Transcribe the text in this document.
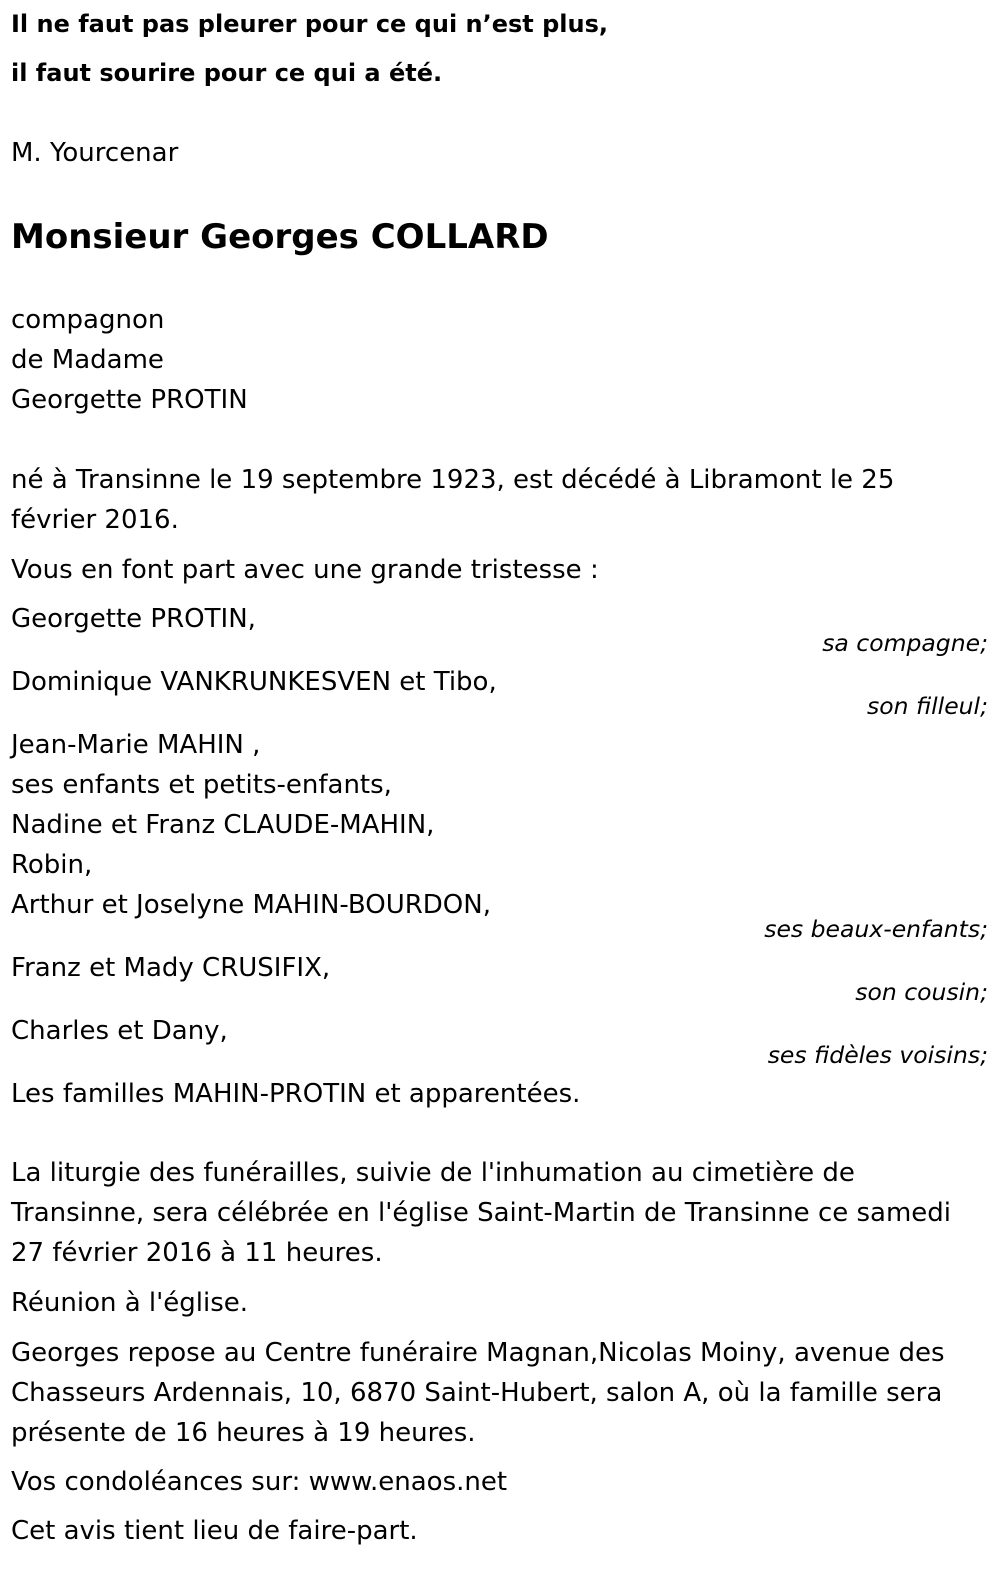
Il ne faut pas pleurer pour ce qui n’est plus,
il faut sourire pour ce qui a été.
M. Yourcenar
Monsieur Georges COLLARD
compagnon
de Madame
Georgette PROTIN
né à Transinne le 19 septembre 1923, est décédé à Libramont le 25
février 2016.
Vous en font part avec une grande tristesse :
Georgette PROTIN,
sa compagne;
Dominique VANKRUNKESVEN et Tibo,
son filleul;
Jean-Marie MAHIN ,
ses enfants et petits-enfants,
Nadine et Franz CLAUDE-MAHIN,
Robin,
Arthur et Joselyne MAHIN-BOURDON,
ses beaux-enfants;
Franz et Mady CRUSIFIX,
son cousin;
Charles et Dany,
ses fidèles voisins;
Les familles MAHIN-PROTIN et apparentées.
La liturgie des funérailles, suivie de l'inhumation au cimetière de
Transinne, sera célébrée en l'église Saint-Martin de Transinne ce samedi
27 février 2016 à 11 heures.
Réunion à l'église.
Georges repose au Centre funéraire Magnan,Nicolas Moiny, avenue des
Chasseurs Ardennais, 10, 6870 Saint-Hubert, salon A, où la famille sera
présente de 16 heures à 19 heures.
Vos condoléances sur: www.enaos.net
Cet avis tient lieu de faire-part.
